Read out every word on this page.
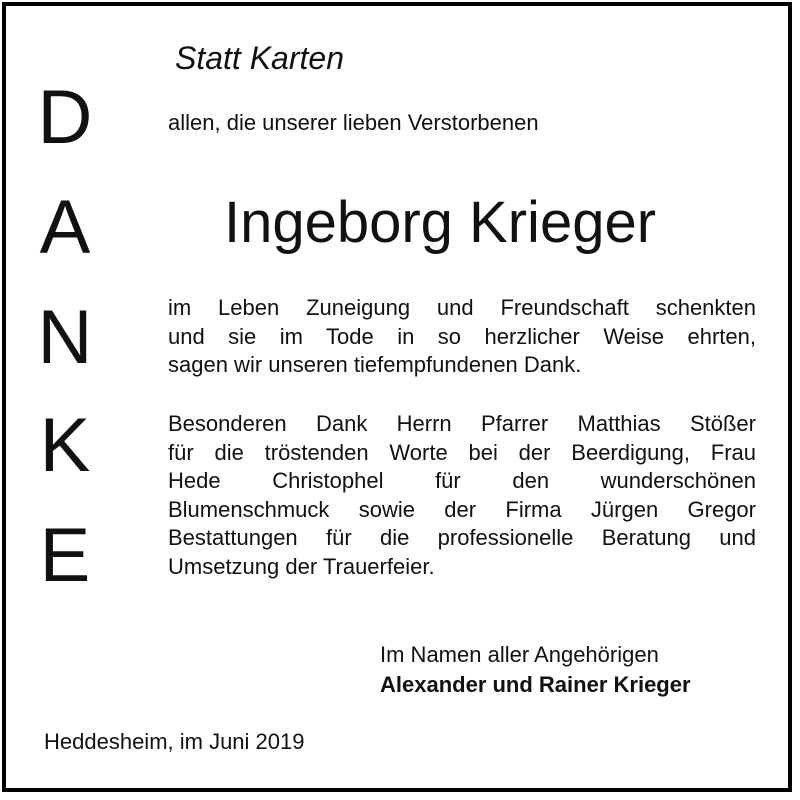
D
A
N
K
E
Statt Karten
allen, die unserer lieben Verstorbenen
Ingeborg Krieger
im Leben Zuneigung und Freundschaft schenkten
und sie im Tode in so herzlicher Weise ehrten,
sagen wir unseren tiefempfundenen Dank.
Besonderen Dank Herrn Pfarrer Matthias Stößer
für die tröstenden Worte bei der Beerdigung, Frau
Hede Christophel für den wunderschönen
Blumenschmuck sowie der Firma Jürgen Gregor
Bestattungen für die professionelle Beratung und
Umsetzung der Trauerfeier.
Im Namen aller Angehörigen
Alexander und Rainer Krieger
Heddesheim, im Juni 2019
